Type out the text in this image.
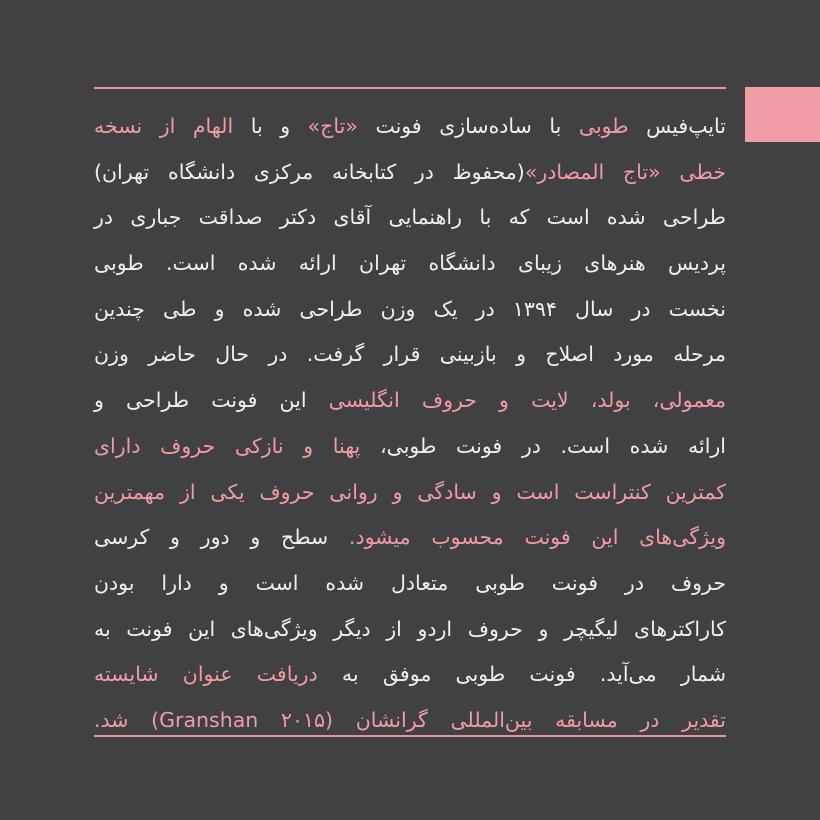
تایپ‌فیس طوبی با ساده‌سازی فونت «تاج» و با الهام از نسخه
خطی «تاج المصادر»(محفوظ در کتابخانه مرکزی دانشگاه تهران)
طراحی شده است که با راهنمایی آقای دکتر صداقت جباری در
پردیس هنرهای زیبای دانشگاه تهران ارائه شده است. طوبی
نخست در سال ۱۳۹۴ در یک وزن طراحی شده و طی چندین
مرحله مورد اصلاح و بازبینی قرار گرفت. در حال حاضر وزن
معمولی، بولد، لایت و حروف انگلیسی این فونت طراحی و
ارائه شده است. در فونت طوبی، پهنا و نازکی حروف دارای
کمترین کنتراست است و سادگی و روانی حروف یکی از مهمترین
ویژگی‌های این فونت محسوب میشود. سطح و دور و کرسی
حروف در فونت طوبی متعادل شده است و دارا بودن
کاراکترهای لیگیچر و حروف اردو از دیگر ویژگی‌های این فونت به
شمار می‌آید. فونت طوبی موفق به دریافت عنوان شایسته
تقدیر در مسابقه بین‌المللی گرانشان (Granshan ۲۰۱۵) شد.
